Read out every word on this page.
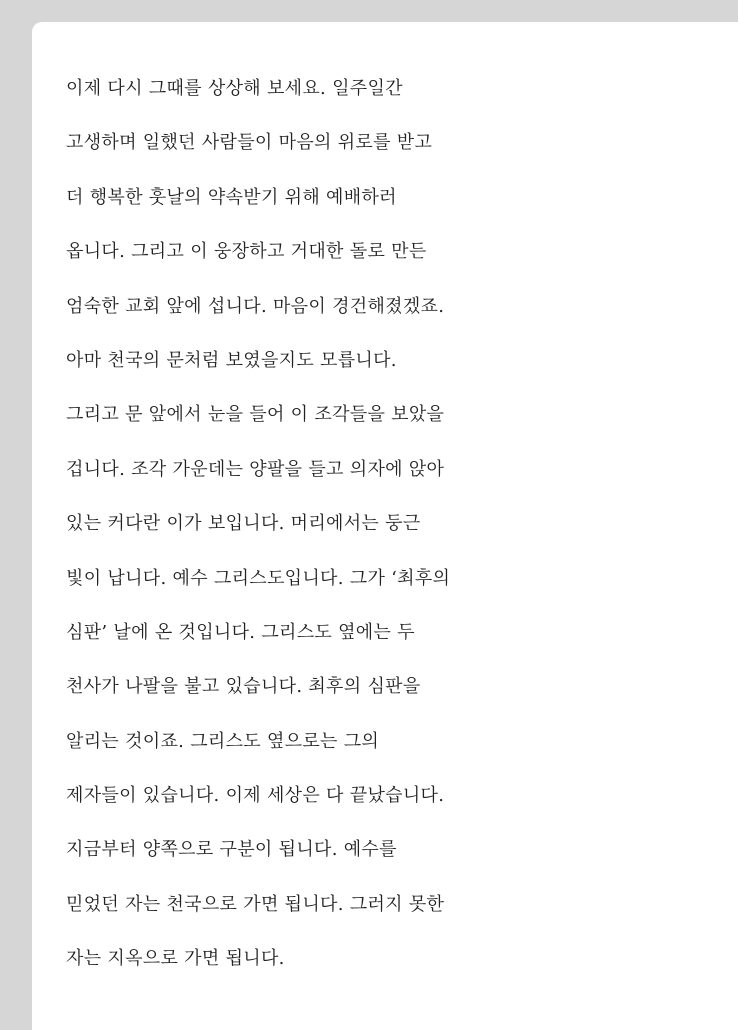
이제 다시 그때를 상상해 보세요. 일주일간
고생하며 일했던 사람들이 마음의 위로를 받고
더 행복한 훗날의 약속받기 위해 예배하러
옵니다. 그리고 이 웅장하고 거대한 돌로 만든
엄숙한 교회 앞에 섭니다. 마음이 경건해졌겠죠.
아마 천국의 문처럼 보였을지도 모릅니다.
그리고 문 앞에서 눈을 들어 이 조각들을 보았을
겁니다. 조각 가운데는 양팔을 들고 의자에 앉아
있는 커다란 이가 보입니다. 머리에서는 둥근
빛이 납니다. 예수 그리스도입니다. 그가 ‘최후의
심판’ 날에 온 것입니다. 그리스도 옆에는 두
천사가 나팔을 불고 있습니다. 최후의 심판을
알리는 것이죠. 그리스도 옆으로는 그의
제자들이 있습니다. 이제 세상은 다 끝났습니다.
지금부터 양쪽으로 구분이 됩니다. 예수를
믿었던 자는 천국으로 가면 됩니다. 그러지 못한
자는 지옥으로 가면 됩니다.
